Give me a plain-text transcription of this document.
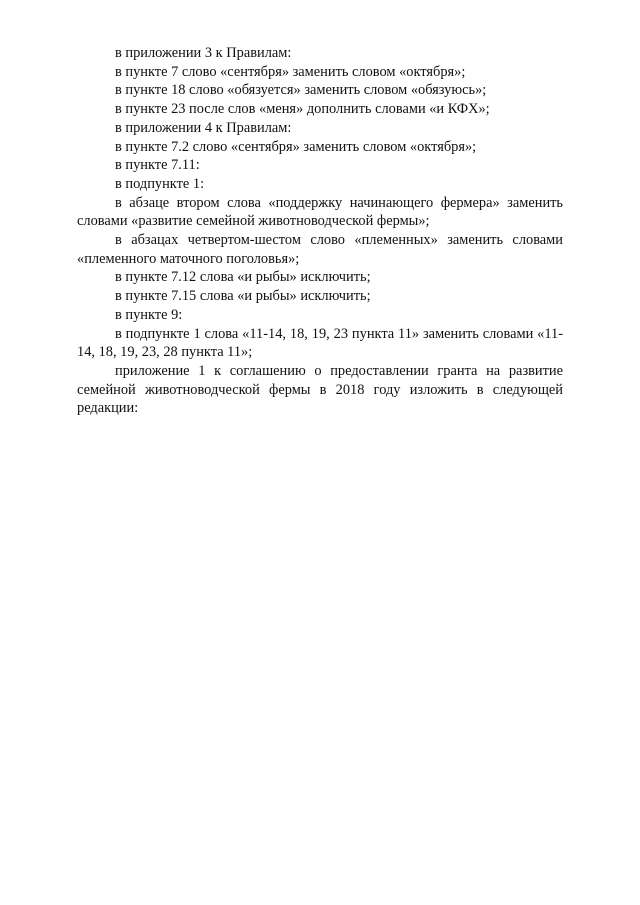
в приложении 3 к Правилам:

в пункте 7 слово «сентября» заменить словом «октября»;

в пункте 18 слово «обязуется» заменить словом «обязуюсь»;

в пункте 23 после слов «меня» дополнить словами «и КФХ»;

в приложении 4 к Правилам:

в пункте 7.2 слово «сентября» заменить словом «октября»;

в пункте 7.11:

в подпункте 1:

в абзаце втором слова «поддержку начинающего фермера» заменить словами «развитие семейной животноводческой фермы»;

в абзацах четвертом-шестом слово «племенных» заменить словами «племенного маточного поголовья»;

в пункте 7.12 слова «и рыбы» исключить;

в пункте 7.15 слова «и рыбы» исключить;

в пункте 9:

в подпункте 1 слова «11-14, 18, 19, 23 пункта 11» заменить словами «11-14, 18, 19, 23, 28 пункта 11»;

приложение 1 к соглашению о предоставлении гранта на развитие семейной животноводческой фермы в 2018 году изложить в следующей редакции:
